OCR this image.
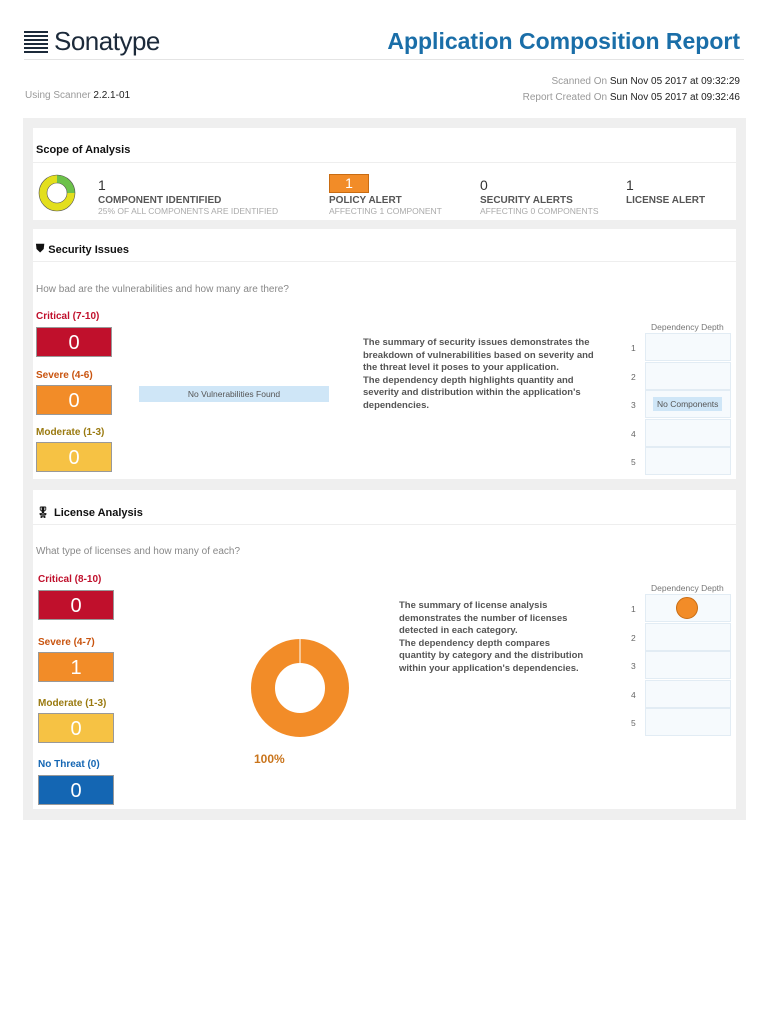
Sonatype	Application Composition Report
Using Scanner 2.2.1-01
Scanned On Sun Nov 05 2017 at 09:32:29
Report Created On Sun Nov 05 2017 at 09:32:46
Scope of Analysis
1
COMPONENT IDENTIFIED
25% OF ALL COMPONENTS ARE IDENTIFIED
1
POLICY ALERT
AFFECTING 1 COMPONENT
0
SECURITY ALERTS
AFFECTING 0 COMPONENTS
1
LICENSE ALERT
⛊ Security Issues
How bad are the vulnerabilities and how many are there?
Critical (7-10)
0
Severe (4-6)
0
Moderate (1-3)
0
No Vulnerabilities Found
The summary of security issues demonstrates the breakdown of vulnerabilities based on severity and the threat level it poses to your application.
The dependency depth highlights quantity and severity and distribution within the application's dependencies.
Dependency Depth
1
2
3	No Components
4
5
🎖 License Analysis
What type of licenses and how many of each?
Critical (8-10)
0
Severe (4-7)
1
Moderate (1-3)
0
No Threat (0)
0
100%
The summary of license analysis demonstrates the number of licenses detected in each category.
The dependency depth compares quantity by category and the distribution within your application's dependencies.
Dependency Depth
1
2
3
4
5
